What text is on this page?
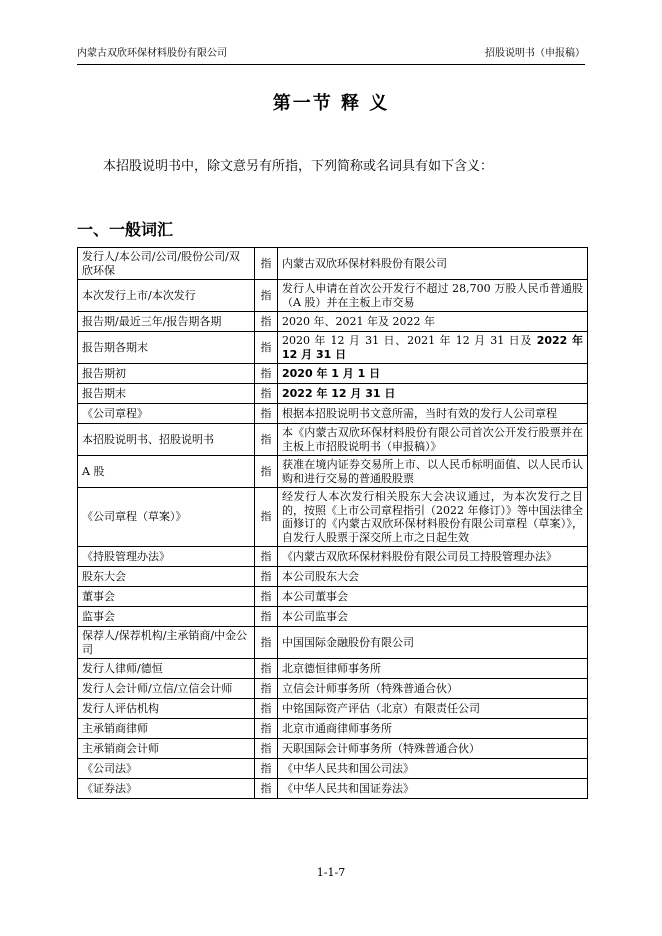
内蒙古双欣环保材料股份有限公司	招股说明书（申报稿）
第一节 释 义
本招股说明书中，除文意另有所指，下列简称或名词具有如下含义：
一、一般词汇
发行人/本公司/公司/股份公司/双欣环保	指	内蒙古双欣环保材料股份有限公司
本次发行上市/本次发行	指	发行人申请在首次公开发行不超过 28,700 万股人民币普通股（A 股）并在主板上市交易
报告期/最近三年/报告期各期	指	2020 年、2021 年及 2022 年
报告期各期末	指	2020 年 12 月 31 日、2021 年 12 月 31 日及 2022 年 12 月 31 日
报告期初	指	2020 年 1 月 1 日
报告期末	指	2022 年 12 月 31 日
《公司章程》	指	根据本招股说明书文意所需，当时有效的发行人公司章程
本招股说明书、招股说明书	指	本《内蒙古双欣环保材料股份有限公司首次公开发行股票并在主板上市招股说明书（申报稿）》
A 股	指	获准在境内证券交易所上市、以人民币标明面值、以人民币认购和进行交易的普通股股票
《公司章程（草案）》	指	经发行人本次发行相关股东大会决议通过，为本次发行之目的，按照《上市公司章程指引（2022 年修订）》等中国法律全面修订的《内蒙古双欣环保材料股份有限公司章程（草案）》，自发行人股票于深交所上市之日起生效
《持股管理办法》	指	《内蒙古双欣环保材料股份有限公司员工持股管理办法》
股东大会	指	本公司股东大会
董事会	指	本公司董事会
监事会	指	本公司监事会
保荐人/保荐机构/主承销商/中金公司	指	中国国际金融股份有限公司
发行人律师/德恒	指	北京德恒律师事务所
发行人会计师/立信/立信会计师	指	立信会计师事务所（特殊普通合伙）
发行人评估机构	指	中铭国际资产评估（北京）有限责任公司
主承销商律师	指	北京市通商律师事务所
主承销商会计师	指	天职国际会计师事务所（特殊普通合伙）
《公司法》	指	《中华人民共和国公司法》
《证券法》	指	《中华人民共和国证券法》
1-1-7
